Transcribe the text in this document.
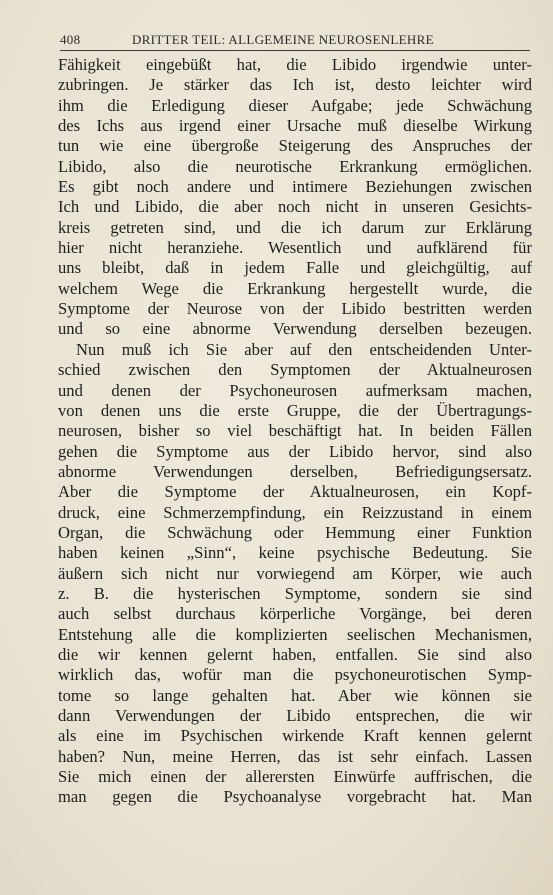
408	DRITTER TEIL: ALLGEMEINE NEUROSENLEHRE
Fähigkeit eingebüßt hat, die Libido irgendwie unter-
zubringen. Je stärker das Ich ist, desto leichter wird
ihm die Erledigung dieser Aufgabe; jede Schwächung
des Ichs aus irgend einer Ursache muß dieselbe Wirkung
tun wie eine übergroße Steigerung des Anspruches der
Libido, also die neurotische Erkrankung ermöglichen.
Es gibt noch andere und intimere Beziehungen zwischen
Ich und Libido, die aber noch nicht in unseren Gesichts-
kreis getreten sind, und die ich darum zur Erklärung
hier nicht heranziehe. Wesentlich und aufklärend für
uns bleibt, daß in jedem Falle und gleichgültig, auf
welchem Wege die Erkrankung hergestellt wurde, die
Symptome der Neurose von der Libido bestritten werden
und so eine abnorme Verwendung derselben bezeugen.
Nun muß ich Sie aber auf den entscheidenden Unter-
schied zwischen den Symptomen der Aktualneurosen
und denen der Psychoneurosen aufmerksam machen,
von denen uns die erste Gruppe, die der Übertragungs-
neurosen, bisher so viel beschäftigt hat. In beiden Fällen
gehen die Symptome aus der Libido hervor, sind also
abnorme Verwendungen derselben, Befriedigungsersatz.
Aber die Symptome der Aktualneurosen, ein Kopf-
druck, eine Schmerzempfindung, ein Reizzustand in einem
Organ, die Schwächung oder Hemmung einer Funktion
haben keinen „Sinn“, keine psychische Bedeutung. Sie
äußern sich nicht nur vorwiegend am Körper, wie auch
z. B. die hysterischen Symptome, sondern sie sind
auch selbst durchaus körperliche Vorgänge, bei deren
Entstehung alle die komplizierten seelischen Mechanismen,
die wir kennen gelernt haben, entfallen. Sie sind also
wirklich das, wofür man die psychoneurotischen Symp-
tome so lange gehalten hat. Aber wie können sie
dann Verwendungen der Libido entsprechen, die wir
als eine im Psychischen wirkende Kraft kennen gelernt
haben? Nun, meine Herren, das ist sehr einfach. Lassen
Sie mich einen der allerersten Einwürfe auffrischen, die
man gegen die Psychoanalyse vorgebracht hat. Man
